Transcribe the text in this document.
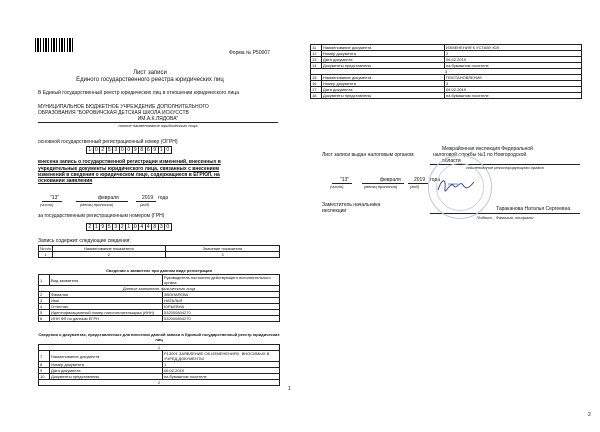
Форма № Р50007
Лист записи
Единого государственного реестра юридических лиц
В Единый государственный реестр юридических лиц в отношении юридического лица
МУНИЦИПАЛЬНОЕ БЮДЖЕТНОЕ УЧРЕЖДЕНИЕ ДОПОЛНИТЕЛЬНОГО
ОБРАЗОВАНИЯ "БОРОВИЧСКАЯ ДЕТСКАЯ ШКОЛА ИСКУССТВ
ИМ.А.К.ЛЯДОВА"
полное наименование юридического лица
основной государственный регистрационный номер (ОГРН)
1	0	2	5	3	0	0	9	8	6	9	1	0
внесена запись о государственной регистрации изменений, внесенных в
учредительные документы юридического лица, связанных с внесением
изменений в сведения о юридическом лице, содержащиеся в ЕГРЮЛ, на
основании заявления
"13"	февраля	2019 года
(число)	(месяц прописью)	(год)
за государственным регистрационным номером (ГРН)
2	1	9	5	3	2	1	0	4	4	8	3	0
Запись содержит следующие сведения:
№ п/п	Наименование показателя	Значение показателя
1	2	3
Сведения о заявителе при данном виде регистрации
1	Вид заявителя	Руководитель постоянно действующего исполнительного органа
Данные заявителя, физического лица		
2	Фамилия	ЗВОНАРЕВА
3	Имя	НАТАЛЬЯ
4	Отчество	ЮРЬЕВНА
5	Идентификационный номер налогоплательщика (ИНН)	532000804270
6	ИНН ФЛ по данным ЕГРН	532000804270
Сведения о документах, представленных для внесения данной записи в Единый государственный реестр юридических лиц
1		
7	Наименование документа	Р13001 ЗАЯВЛЕНИЕ ОБ ИЗМЕНЕНИЯХ, ВНОСИМЫХ В УЧРЕД.ДОКУМЕНТЫ
8	Номер документа	1
9	Дата документа	06.02.2019
10	Документы представлены	на бумажном носителе
2		
1
11	Наименование документа	ИЗМЕНЕНИЯ К УСТАВУ ЮЛ
12	Номер документа	2
13	Дата документа	06.02.2019
14	Документы представлены	на бумажном носителе
3		
15	Наименование документа	ПОСТАНОВЛЕНИЕ
16	Номер документа	3
17	Дата документа	06.02.2019
18	Документы представлены	на бумажном носителе
Межрайонная инспекция Федеральной
Лист записи выдан налоговым органом	налоговой службы №1 по Новгородской
области
наименование регистрирующего органа
"13"	февраля	2019 года
(число)	(месяц прописью)	(год)
Заместитель начальника
инспекции	Тараканова Наталья Сергеевна
Подпись , Фамилия, инициалы
2
